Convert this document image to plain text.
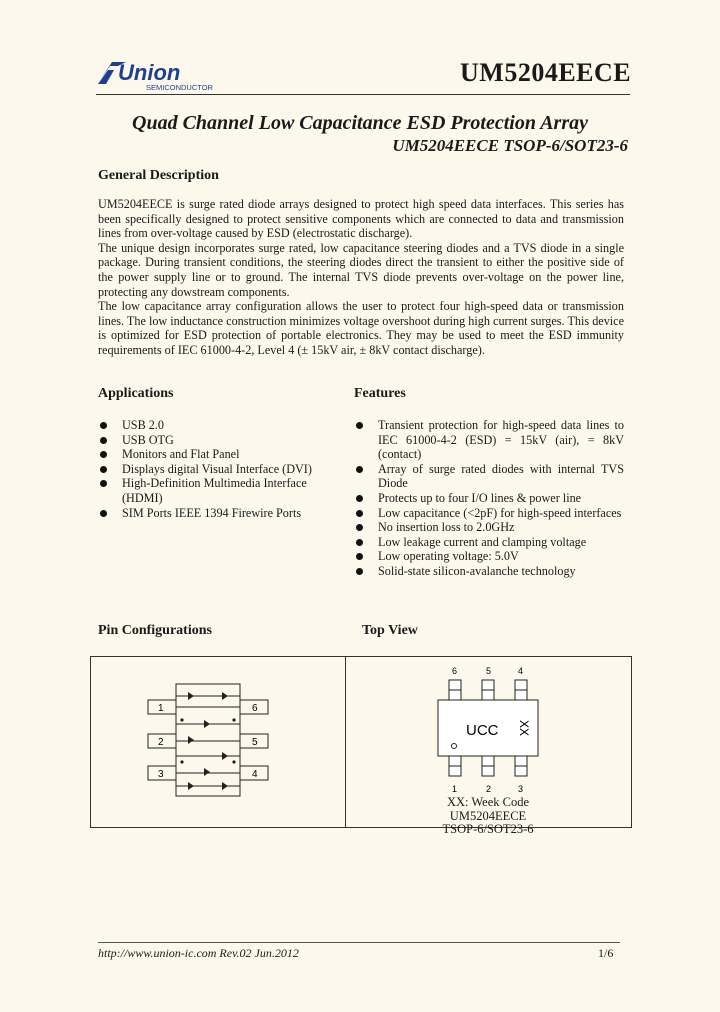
Union
SEMICONDUCTOR
UM5204EECE
Quad Channel Low Capacitance ESD Protection Array
UM5204EECE TSOP-6/SOT23-6
General Description

UM5204EECE is surge rated diode arrays designed to protect high speed data interfaces. This series has been specifically designed to protect sensitive components which are connected to data and transmission lines from over-voltage caused by ESD (electrostatic discharge).

The unique design incorporates surge rated, low capacitance steering diodes and a TVS diode in a single package. During transient conditions, the steering diodes direct the transient to either the positive side of the power supply line or to ground. The internal TVS diode prevents over-voltage on the power line, protecting any dowstream components.

The low capacitance array configuration allows the user to protect four high-speed data or transmission lines. The low inductance construction minimizes voltage overshoot during high current surges. This device is optimized for ESD protection of portable electronics. They may be used to meet the ESD immunity requirements of IEC 61000-4-2, Level 4 (± 15kV air, ± 8kV contact discharge).

Applications
USB 2.0
USB OTG
Monitors and Flat Panel
Displays digital Visual Interface (DVI)
High-Definition Multimedia Interface (HDMI)
SIM Ports IEEE 1394 Firewire Ports
Features
Transient protection for high-speed data lines to IEC 61000-4-2 (ESD) = 15kV (air), = 8kV (contact)
Array of surge rated diodes with internal TVS Diode
Protects up to four I/O lines & power line
Low capacitance (<2pF) for high-speed interfaces
No insertion loss to 2.0GHz
Low leakage current and clamping voltage
Low operating voltage: 5.0V
Solid-state silicon-avalanche technology
Pin Configurations	Top View
1
2
3
6
5
4
6	5	4
UCC XX
1	2	3
XX: Week Code
UM5204EECE
TSOP-6/SOT23-6
http://www.union-ic.com Rev.02 Jun.2012	1/6
